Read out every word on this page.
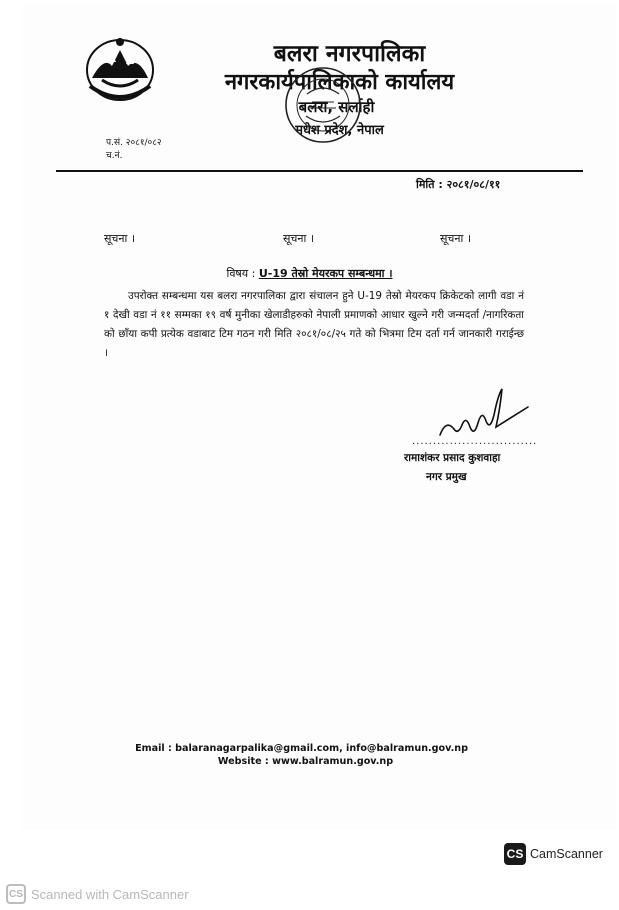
बलरा नगरपालिका
नगरकार्यपालिकाको कार्यालय
बलरा, सर्लाही
मधेश प्रदेश, नेपाल
प.सं. २०८१/०८२
च.नं.
मिति : २०८१/०८/११
सूचना ।	सूचना ।	सूचना ।
विषय : U-19 तेस्रो मेयरकप सम्बन्धमा ।

उपरोक्त सम्बन्धमा यस बलरा नगरपालिका द्वारा संचालन हुने U-19 तेस्रो मेयरकप क्रिकेटको लागी वडा नं १ देखी वडा नं ११ सम्मका १९ वर्ष मुनीका खेलाडीहरुको नेपाली प्रमाणको आधार खुल्ने गरी जन्मदर्ता /नागरिकता को छाँया कपी प्रत्येक वडाबाट टिम गठन गरी मिति २०८१/०८/२५ गते को भित्रमा टिम दर्ता गर्न जानकारी गराईन्छ ।

..............................
रामाशंकर प्रसाद कुशवाहा
नगर प्रमुख
Email : balaranagarpalika@gmail.com, info@balramun.gov.np
Website : www.balramun.gov.np
CS CamScanner
CS Scanned with CamScanner
